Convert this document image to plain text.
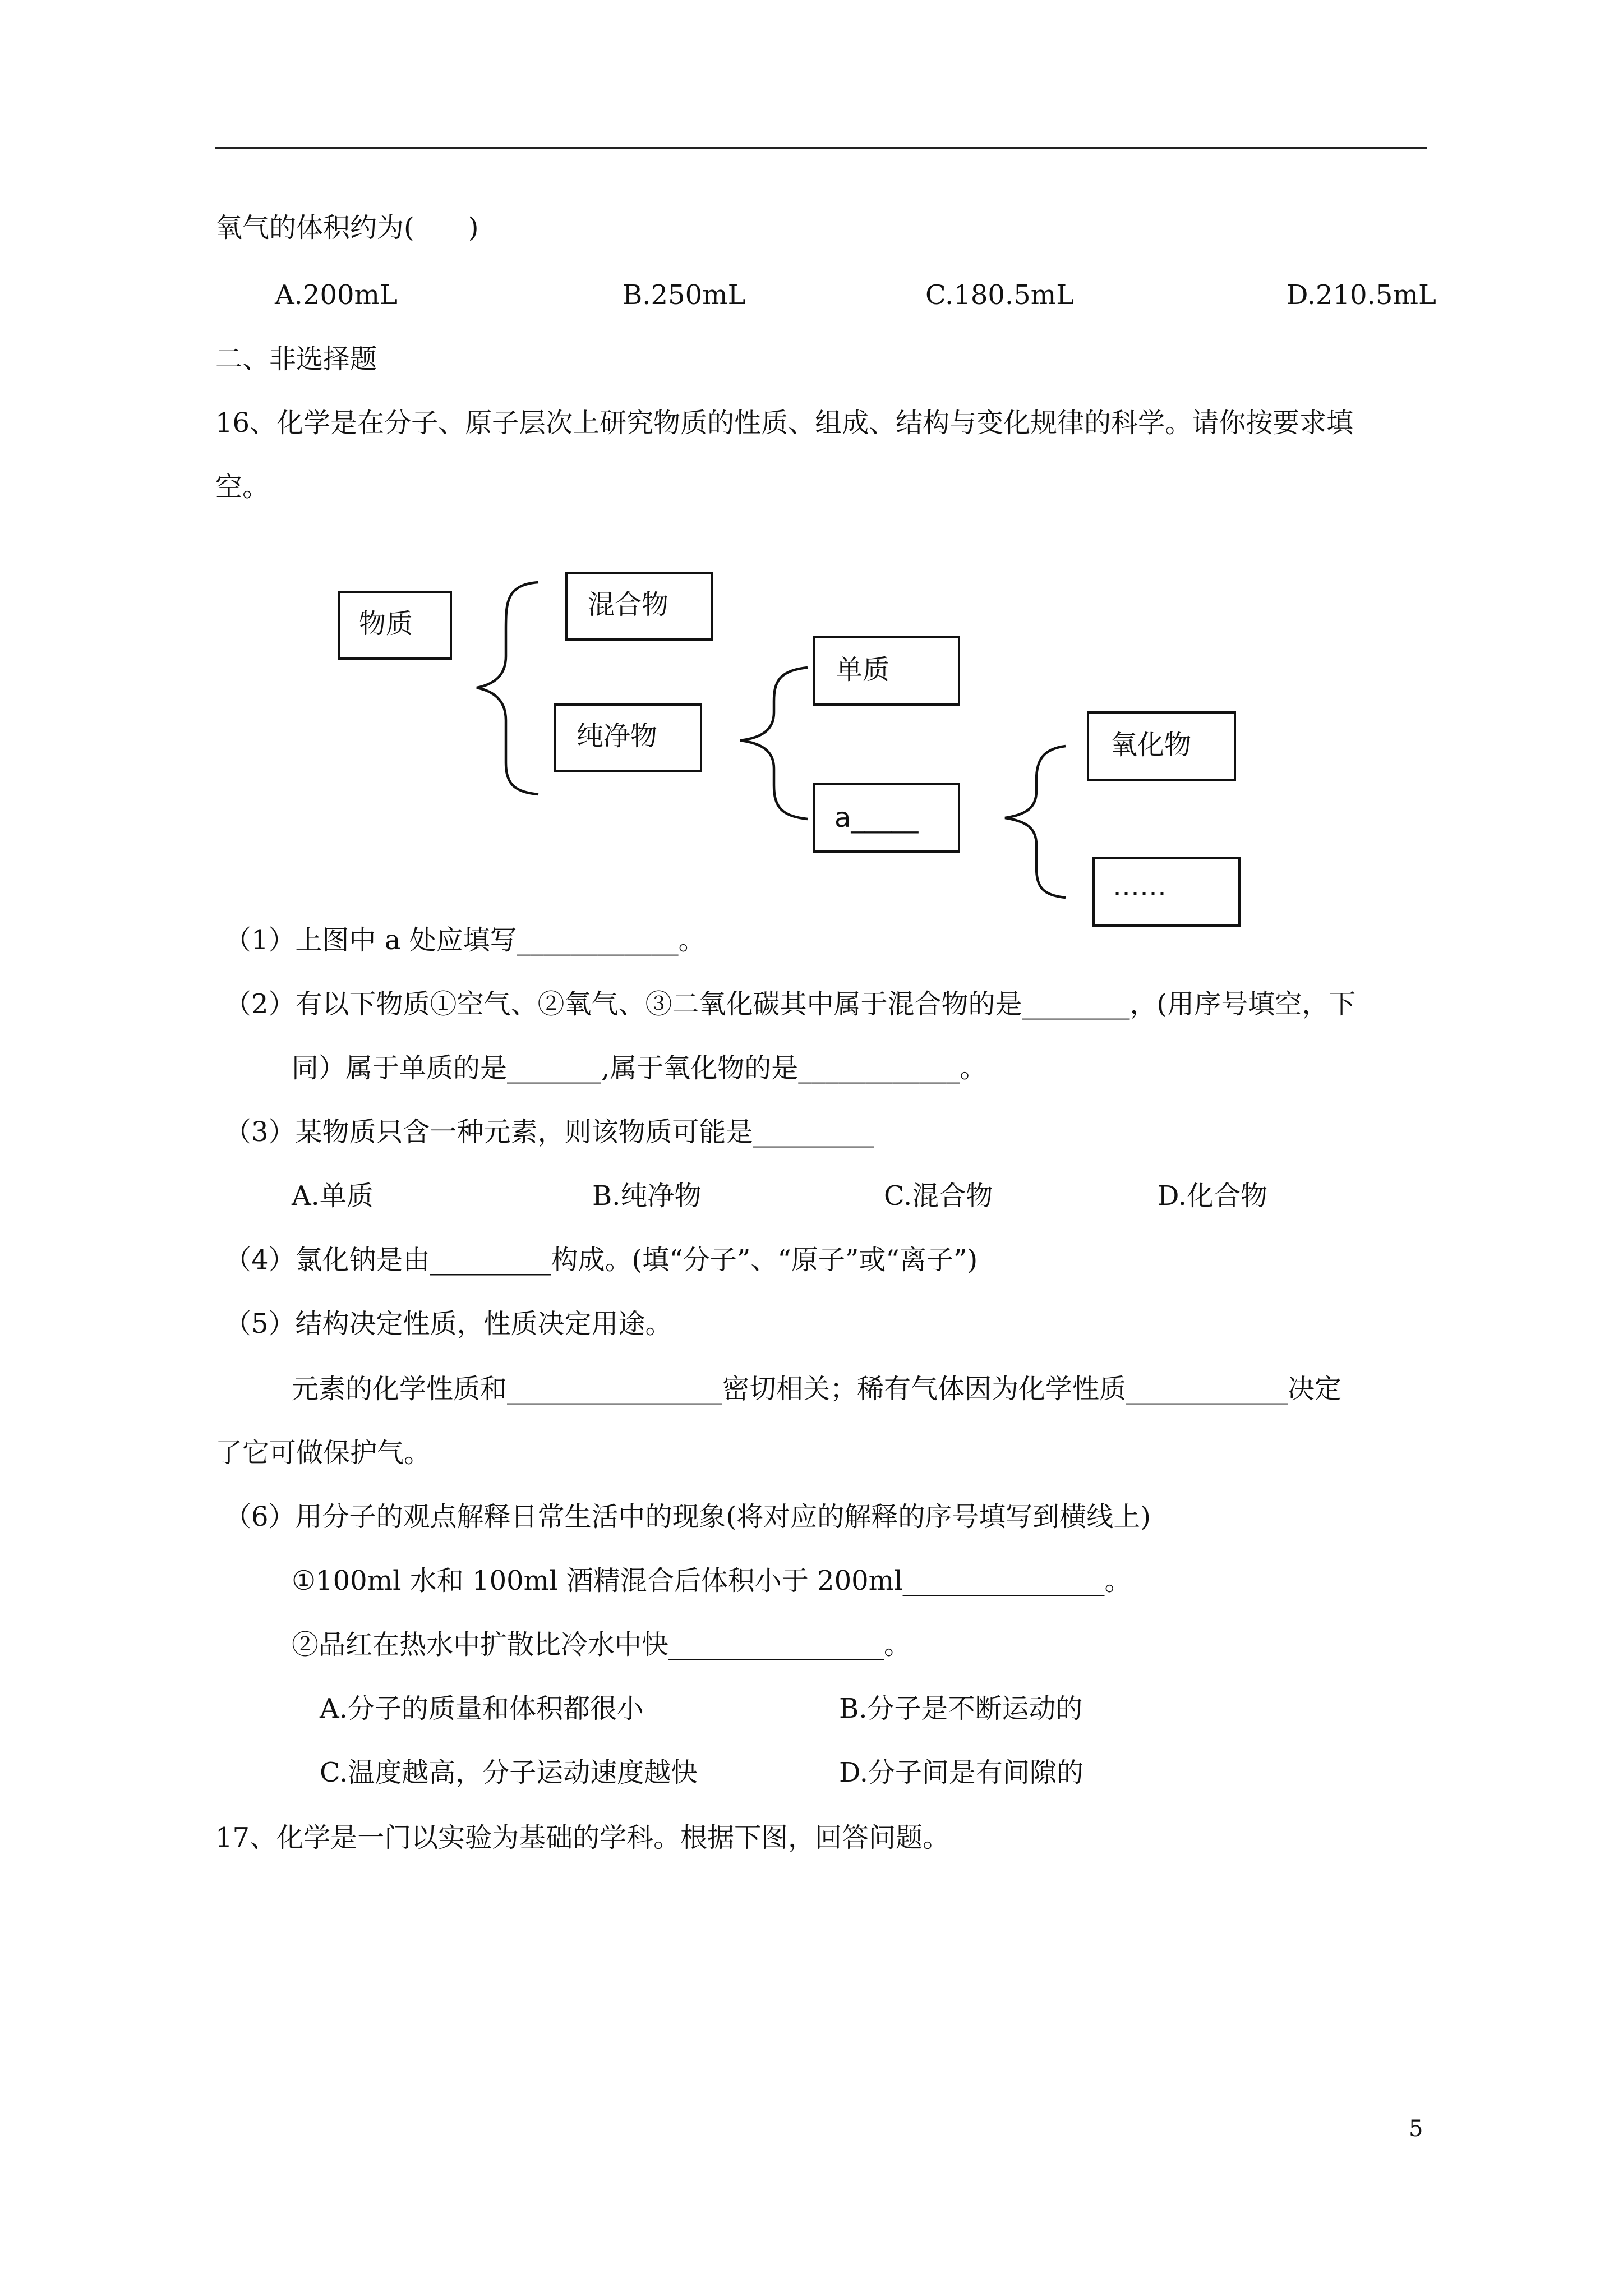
氧气的体积约为(　　)
A.200mL	B.250mL	C.180.5mL	D.210.5mL
二、非选择题
16、化学是在分子、原子层次上研究物质的性质、组成、结构与变化规律的科学。请你按要求填
空。
物质
混合物
纯净物
单质
a_____
氧化物
……
（1）上图中 a 处应填写____________。
（2）有以下物质①空气、②氧气、③二氧化碳其中属于混合物的是________，(用序号填空，下
同）属于单质的是_______,属于氧化物的是____________。
（3）某物质只含一种元素，则该物质可能是_________
A.单质	B.纯净物	C.混合物	D.化合物
（4）氯化钠是由_________构成。(填“分子”、“原子”或“离子”)
（5）结构决定性质，性质决定用途。
元素的化学性质和________________密切相关；稀有气体因为化学性质____________决定
了它可做保护气。
（6）用分子的观点解释日常生活中的现象(将对应的解释的序号填写到横线上)
①100ml 水和 100ml 酒精混合后体积小于 200ml_______________。
②品红在热水中扩散比冷水中快________________。
A.分子的质量和体积都很小	B.分子是不断运动的
C.温度越高，分子运动速度越快	D.分子间是有间隙的
17、化学是一门以实验为基础的学科。根据下图，回答问题。
5
